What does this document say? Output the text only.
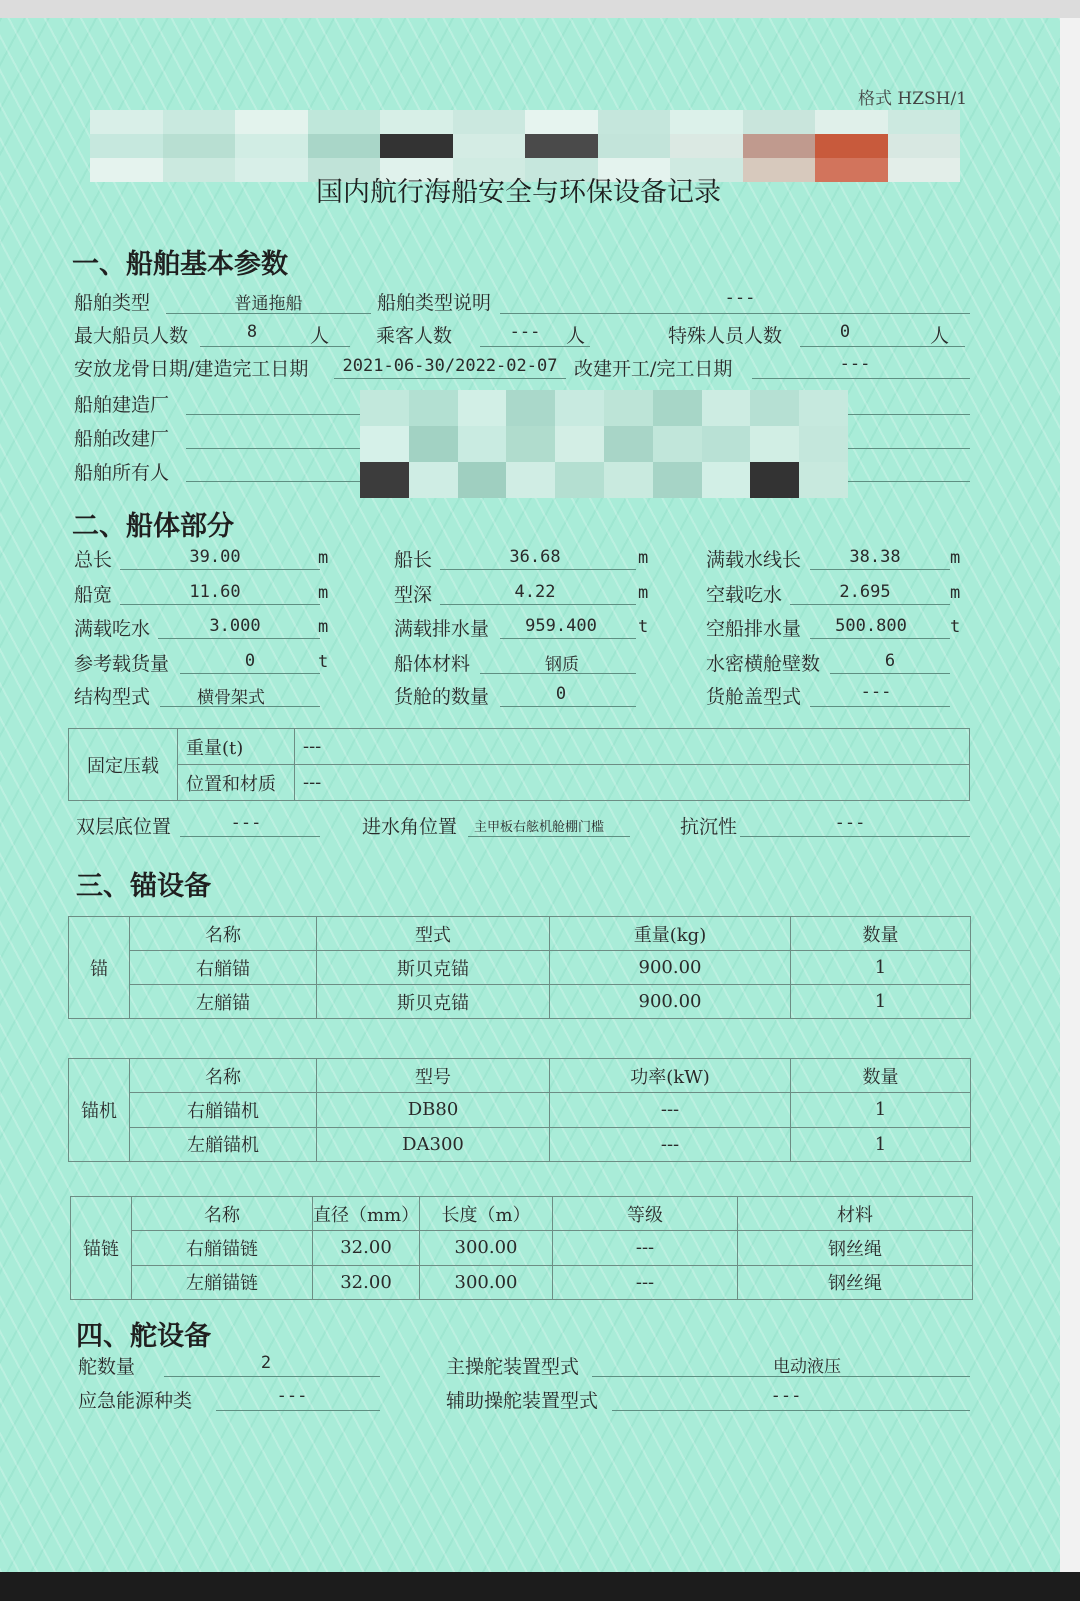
格式 HZSH/1
国内航行海船安全与环保设备记录
一、船舶基本参数
船舶类型	普通拖船	船舶类型说明	---
最大船员人数	8	人 乘客人数	---	人	特殊人员人数	0	人
安放龙骨日期/建造完工日期	2021-06-30/2022-02-07 改建开工/完工日期	---
船舶建造厂
船舶改建厂
船舶所有人
二、船体部分
总长	39.00	m	船长	36.68	m	满载水线长	38.38	m
船宽	11.60	m	型深	4.22	m	空载吃水	2.695	m
满载吃水	3.000	m	满载排水量	959.400	t	空船排水量	500.800	t
参考载货量	0	t	船体材料	钢质	水密横舱壁数	6
结构型式	横骨架式	货舱的数量	0	货舱盖型式	---
固定压载	重量(t)	---
	位置和材质	---
双层底位置	---	进水角位置 主甲板右舷机舱棚门槛	抗沉性	---
三、锚设备
锚	名称	型式	重量(kg)	数量
	右艏锚	斯贝克锚	900.00	1
	左艏锚	斯贝克锚	900.00	1
锚机	名称	型号	功率(kW)	数量
	右艏锚机	DB80	---	1
	左艏锚机	DA300	---	1
锚链	名称	直径（mm）	长度（m）	等级	材料
	右艏锚链	32.00	300.00	---	钢丝绳
	左艏锚链	32.00	300.00	---	钢丝绳
四、舵设备
舵数量	2	主操舵装置型式	电动液压
应急能源种类	---	辅助操舵装置型式	---
